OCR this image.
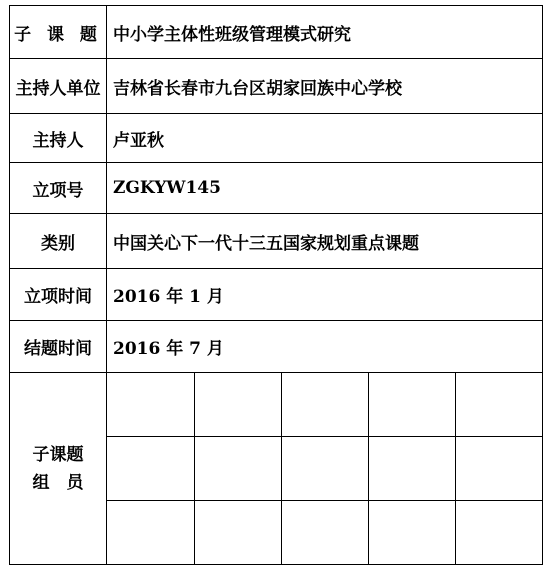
子 课 题	中小学主体性班级管理模式研究
主持人单位	吉林省长春市九台区胡家回族中心学校
主持人	卢亚秋
立项号	ZGKYW145
类别	中国关心下一代十三五国家规划重点课题
立项时间	2016 年 1 月
结题时间	2016 年 7 月

子课题
组　员
